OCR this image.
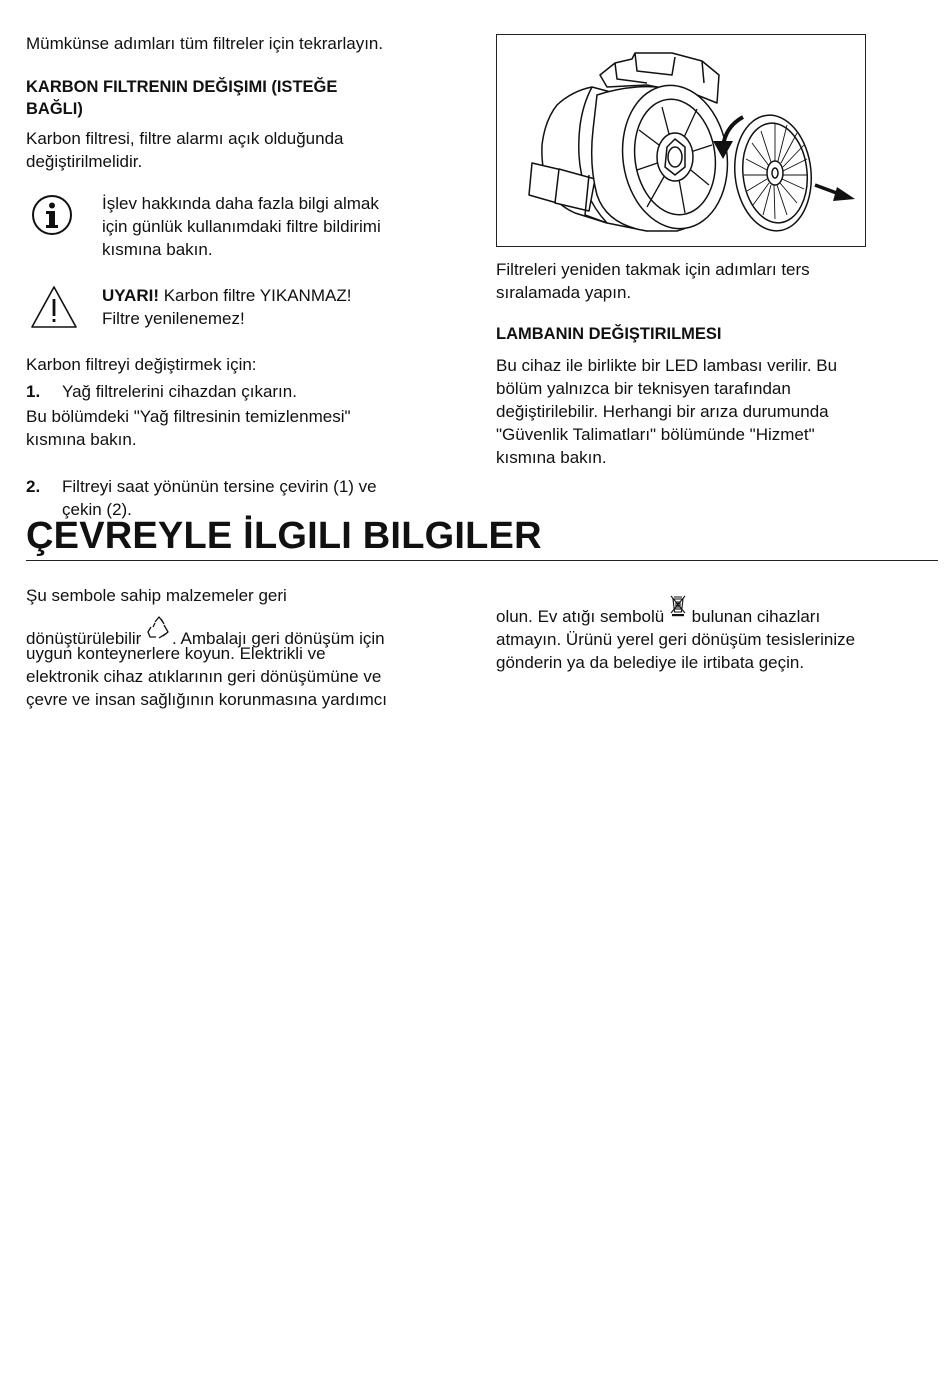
Mümkünse adımları tüm filtreler için tekrarlayın.

KARBON FILTRENIN DEĞIŞIMI (ISTEĞE
BAĞLI)
Karbon filtresi, filtre alarmı açık olduğunda
değiştirilmelidir.
İşlev hakkında daha fazla bilgi almak
için günlük kullanımdaki filtre bildirimi
kısmına bakın.
UYARI! Karbon filtre YIKANMAZ!
Filtre yenilenemez!

Karbon filtreyi değiştirmek için:

1.	Yağ filtrelerini cihazdan çıkarın.
Bu bölümdeki "Yağ filtresinin temizlenmesi"
kısmına bakın.
2.	Filtreyi saat yönünün tersine çevirin (1) ve
çekin (2).
Filtreleri yeniden takmak için adımları ters
sıralamada yapın.
LAMBANIN DEĞIŞTIRILMESI
Bu cihaz ile birlikte bir LED lambası verilir. Bu
bölüm yalnızca bir teknisyen tarafından
değiştirilebilir. Herhangi bir arıza durumunda
"Güvenlik Talimatları" bölümünde "Hizmet"
kısmına bakın.
ÇEVREYLE İLGILI BILGILER
Şu sembole sahip malzemeler geri
dönüştürülebilir . Ambalajı geri dönüşüm için
uygun konteynerlere koyun. Elektrikli ve
elektronik cihaz atıklarının geri dönüşümüne ve
çevre ve insan sağlığının korunmasına yardımcı
olun. Ev atığı sembolü  bulunan cihazları
atmayın. Ürünü yerel geri dönüşüm tesislerinize
gönderin ya da belediye ile irtibata geçin.
